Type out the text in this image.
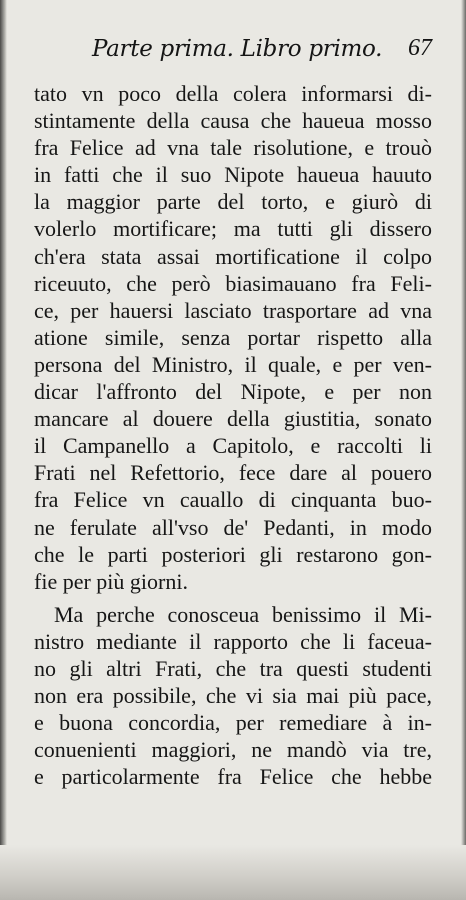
Parte prima. Libro primo. 67
tato vn poco della colera informarsi di-
stintamente della causa che haueua mosso
fra Felice ad vna tale risolutione, e trouò
in fatti che il suo Nipote haueua hauuto
la maggior parte del torto, e giurò di
volerlo mortificare; ma tutti gli dissero
ch'era stata assai mortificatione il colpo
riceuuto, che però biasimauano fra Feli-
ce, per hauersi lasciato trasportare ad vna
atione simile, senza portar rispetto alla
persona del Ministro, il quale, e per ven-
dicar l'affronto del Nipote, e per non
mancare al douere della giustitia, sonato
il Campanello a Capitolo, e raccolti li
Frati nel Refettorio, fece dare al pouero
fra Felice vn cauallo di cinquanta buo-
ne ferulate all'vso de' Pedanti, in modo
che le parti posteriori gli restarono gon-
fie per più giorni.
Ma perche conosceua benissimo il Mi-
nistro mediante il rapporto che li faceua-
no gli altri Frati, che tra questi studenti
non era possibile, che vi sia mai più pace,
e buona concordia, per remediare à in-
conuenienti maggiori, ne mandò via tre,
e particolarmente fra Felice che hebbe
